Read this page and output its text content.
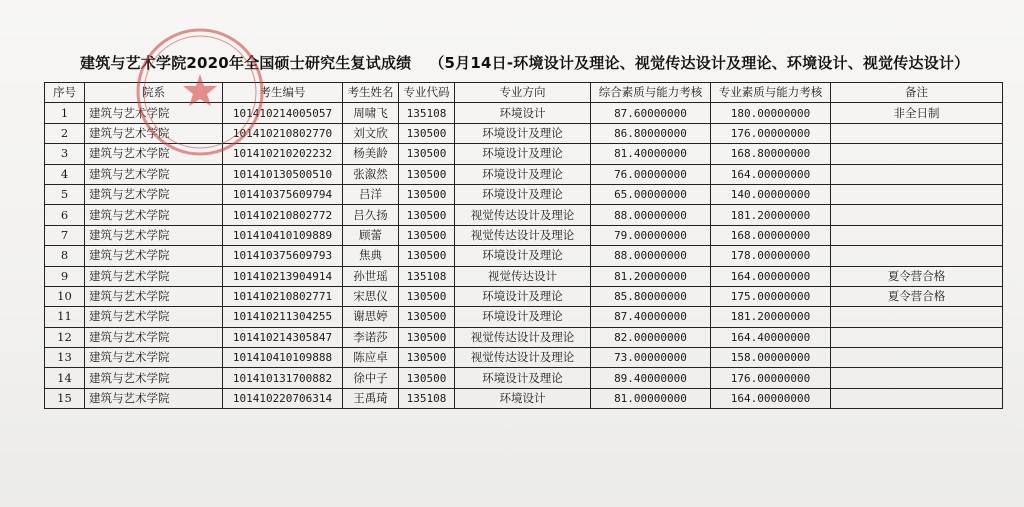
建筑与艺术学院2020年全国硕士研究生复试成绩 （5月14日-环境设计及理论、视觉传达设计及理论、环境设计、视觉传达设计）
序号	院系	考生编号	考生姓名	专业代码	专业方向	综合素质与能力考核	专业素质与能力考核	备注
1	建筑与艺术学院	101410214005057	周啸飞	135108	环境设计	87.60000000	180.00000000	非全日制
2	建筑与艺术学院	101410210802770	刘文欣	130500	环境设计及理论	86.80000000	176.00000000	
3	建筑与艺术学院	101410210202232	杨美龄	130500	环境设计及理论	81.40000000	168.80000000	
4	建筑与艺术学院	101410130500510	张溆然	130500	环境设计及理论	76.00000000	164.00000000	
5	建筑与艺术学院	101410375609794	吕洋	130500	环境设计及理论	65.00000000	140.00000000	
6	建筑与艺术学院	101410210802772	吕久扬	130500	视觉传达设计及理论	88.00000000	181.20000000	
7	建筑与艺术学院	101410410109889	顾蕾	130500	视觉传达设计及理论	79.00000000	168.00000000	
8	建筑与艺术学院	101410375609793	焦典	130500	环境设计及理论	88.00000000	178.00000000	
9	建筑与艺术学院	101410213904914	孙世瑶	135108	视觉传达设计	81.20000000	164.00000000	夏令营合格
10	建筑与艺术学院	101410210802771	宋思仪	130500	环境设计及理论	85.80000000	175.00000000	夏令营合格
11	建筑与艺术学院	101410211304255	谢思婷	130500	环境设计及理论	87.40000000	181.20000000	
12	建筑与艺术学院	101410214305847	李诺莎	130500	视觉传达设计及理论	82.00000000	164.40000000	
13	建筑与艺术学院	101410410109888	陈应卓	130500	视觉传达设计及理论	73.00000000	158.00000000	
14	建筑与艺术学院	101410131700882	徐中子	130500	环境设计及理论	89.40000000	176.00000000	
15	建筑与艺术学院	101410220706314	王禹琦	135108	环境设计	81.00000000	164.00000000	
